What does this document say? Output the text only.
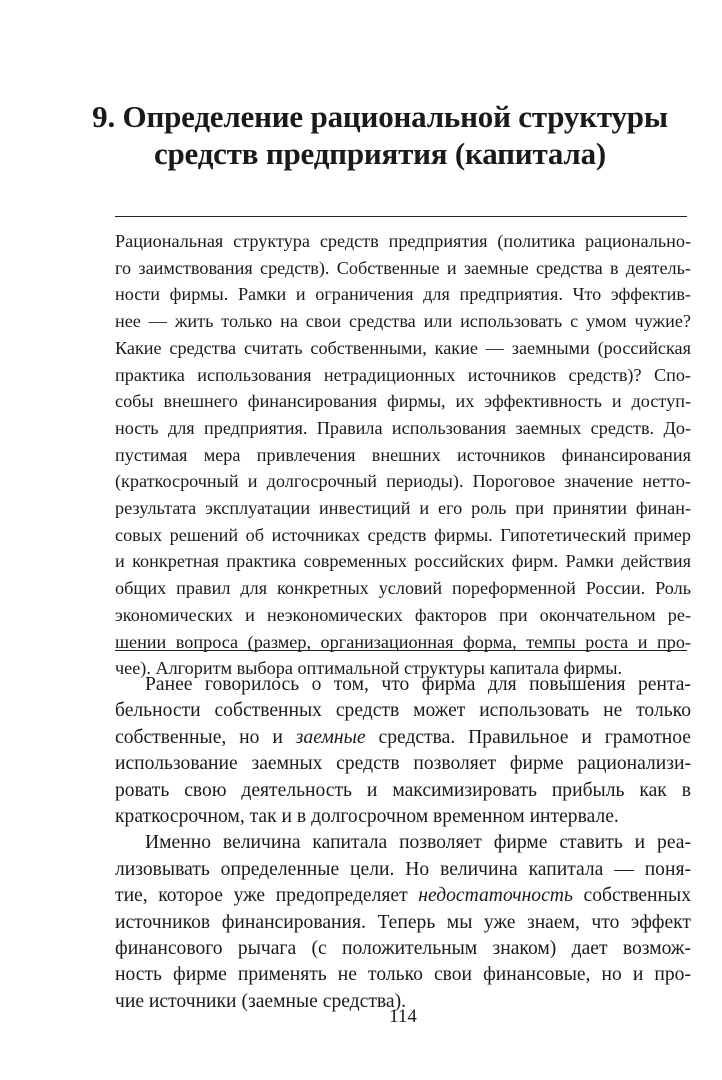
9. Определение рациональной структуры
средств предприятия (капитала)
Рациональная структура средств предприятия (политика рационально-
го заимствования средств). Собственные и заемные средства в деятель-
ности фирмы. Рамки и ограничения для предприятия. Что эффектив-
нее — жить только на свои средства или использовать с умом чужие?
Какие средства считать собственными, какие — заемными (российская
практика использования нетрадиционных источников средств)? Спо-
собы внешнего финансирования фирмы, их эффективность и доступ-
ность для предприятия. Правила использования заемных средств. До-
пустимая мера привлечения внешних источников финансирования
(краткосрочный и долгосрочный периоды). Пороговое значение нетто-
результата эксплуатации инвестиций и его роль при принятии финан-
совых решений об источниках средств фирмы. Гипотетический пример
и конкретная практика современных российских фирм. Рамки действия
общих правил для конкретных условий пореформенной России. Роль
экономических и неэкономических факторов при окончательном ре-
шении вопроса (размер, организационная форма, темпы роста и про-
чее). Алгоритм выбора оптимальной структуры капитала фирмы.
Ранее говорилось о том, что фирма для повышения рента-
бельности собственных средств может использовать не только
собственные, но и заемные средства. Правильное и грамотное
использование заемных средств позволяет фирме рационализи-
ровать свою деятельность и максимизировать прибыль как в
краткосрочном, так и в долгосрочном временном интервале.
Именно величина капитала позволяет фирме ставить и реа-
лизовывать определенные цели. Но величина капитала — поня-
тие, которое уже предопределяет недостаточность собственных
источников финансирования. Теперь мы уже знаем, что эффект
финансового рычага (с положительным знаком) дает возмож-
ность фирме применять не только свои финансовые, но и про-
чие источники (заемные средства).
114
